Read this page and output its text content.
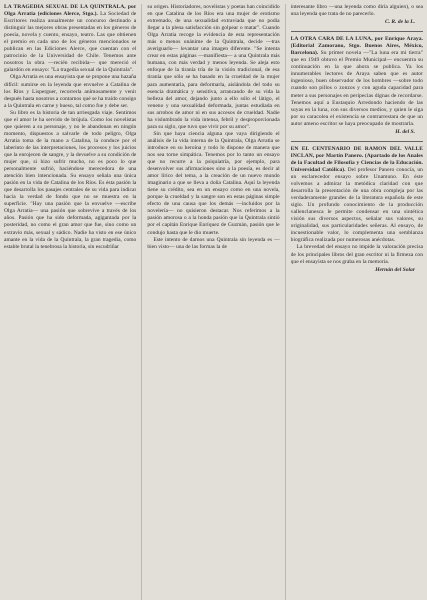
LA TRAGEDIA SEXUAL DE LA QUINTRALA, por Olga Arratia (ediciones Alerce, Stgo.). La Sociedad de Escritores realiza anualmente un concurso destinado a distinguir las mejores obras presentadas en los géneros de poesía, novela y cuento, ensayo, teatro. Las que obtienen el premio en cada uno de los géneros mencionados se publican en las Ediciones Alerce, que cuentan con el patrocinio de la Universidad de Chile. Tenemos ante nosotros la obra —recién recibida— que mereció el galardón en ensayo: "La tragedia sexual de la Quintrala".

Olga Arratia es una ensayista que se propone una hazaña difícil: sumirse en la leyenda que envuelve a Catalina de los Ríos y Lisperguer, recorrerla anímosamente y venir después hasta nosotros a contarnos qué se ha traído consigo a la Quintrala en carne y hueso, tal como fue y debe ser.

Su libro es la historia de tan arriesgada viaje. Sentimos que el amor le ha servido de brújula. Como los novelistas que quieren a su personaje, y no le abandonan en ningún momento, dispuestos a salvarle de todo peligro, Olga Arratia toma de la mano a Catalina, la conduce por el laberinto de las interpretaciones, los procesos y los juicios que la enrojecen de sangre, y la devuelve a su condición de mujer que, si hizo sufrir mucho, no es poco lo que personalmente sufrió, haciéndose merecedora de una atención bien intencionada. Su ensayo señala una única pasión en la vida de Catalina de los Ríos. Es ésta pasión la que desarrolla los pasajes centrales de su vida para indicar hacia la verdad de fondo que no se muestra en la superficie. "Hay una pasión que la envuelve —escribe Olga Arratia— una pasión que sobrevive a través de los años. Pasión que ha sido deformada, agigantada por la posteridad, no como el gran amor que fue, sino como un extravío más, sexual y sádico. Nadie ha visto en ese único amante en la vida de la Quintrala, la gran tragedia, como estable brutal la tenebrosa la historia, sin escudriñar

su origen. Historiadores, novelistas y poetas han coincidido en que Catalina de los Ríos era una mujer de erotismo extremado, de una sexualidad extraviada que no podía llegar a la plena satisfacción sin golpear o matar". Cuando Olga Arratia recoge la evidencia de esta representación más o menos unánime de la Quintrala, decide —tras averiguarlo— levantar una imagen diferente. "Se intenta crear en estas páginas —manifiesta— a una Quintrala más humana, con más verdad y menos leyenda. Se aleja esto enfoque de la tiranía tría de la visión tradicional, de esa tiranía que sólo se ha basado en la crueldad de la mujer para aumentarla, para deformarla, aislándola del todo su esencia dramática y sensitiva, arrancando de su vida la belleza del amor, dejando junto a ello sólo el látigo, el veneno y una sexualidad deformada, juntas estudiada en sus arrobos de amor ni en sus accesos de crueldad. Nadie ha vislumbrado la vida intensa, febril y desproporcionada para su siglo, que tuvo que vivir por su amor".

Sin que haya ciencia alguna que vaya dirigiendo el análisis de la vida interna de la Quintrala, Olga Arratia se introduce en su heroína y todo lo dispone de manera que nos sea torne simpática. Tenemos por lo tanto un ensayo que no recurre a la psiquiatría, por ejemplo, para desenvolver sus afirmaciones sino a la poesía, es decir al amor lírico del tema, a la creación de un nuevo mundo imaginario a que se lleva a doña Catalina. Aquí la leyenda tiene su crédito, sea en un ensayo como en una novela, porque la crueldad y la sangre son en estas páginas simple efecto de una causa que los demás —incluidos por la novelería— no quisieron destacar. Nos referimos a la pasión amorosa o a la honda pasión que la Quintrala sintió por el capitán Enrique Enríquez de Guzmán, pasión que le condujo hasta que le dio muerte.

Este intento de darnos una Quintrala sin leyenda es —bien visto— una de las formas la de

interesante libro —una leyenda como diría alguien), o sea una leyenda que trata de no parecerlo.

C. R. de la L.

LA OTRA CARA DE LA LUNA, por Enrique Araya. (Editorial Zamorano, Stgo. Buenos Aires, México, Barcelona). Su primer novela —"La luna era mi tierra" que en 1949 obtuvo el Premio Municipal— encuentra su continuación en la que ahora se publica. Ya los innumerables lectores de Araya saben que es autor ingenioso, buen observador de los hombres —sobre todo cuando son pillos o zonzos y con aguda capacidad para meter a sus personajes en peripecias dignas de recordarse. Tenemos aquí a Eustaquio Arredondo haciendo de las suyas en la luna, con sus diversos medios, y quien le siga por su caracolea el existencia se contrarrestara de que un autor ameno escritor se haya preocupado de mostrarla.

H. del S.

EN EL CENTENARIO DE RAMON DEL VALLE INCLAN, por Martín Panero. (Apartado de los Anales de la Facultad de Filosofía y Ciencias de la Educación. Universidad Católica). Del profesor Panero conocía, un un esclarecedor ensayo sobre Unamuno. En éste volvemos a admirar la metódica claridad con que desarrolla la presentación de una obra compleja por las verdaderamente grandes de la literatura española de este siglo. Un profundo conocimiento de la producción vallenclanesca le permite condensar en una sintética visión sus diversos aspectos, señalar sus valores, su originalidad, sus particularidades señeras. Al ensayo, de incuestionable valor, lo complementa una semblanza biográfica realizada por numerosas anécdotas.

La brevedad del ensayo no impide la valoración precisa de los principales libros del gran escritor ni la firmeza con que el ensayista se nos graba en la memoria.

Hernán del Solar
